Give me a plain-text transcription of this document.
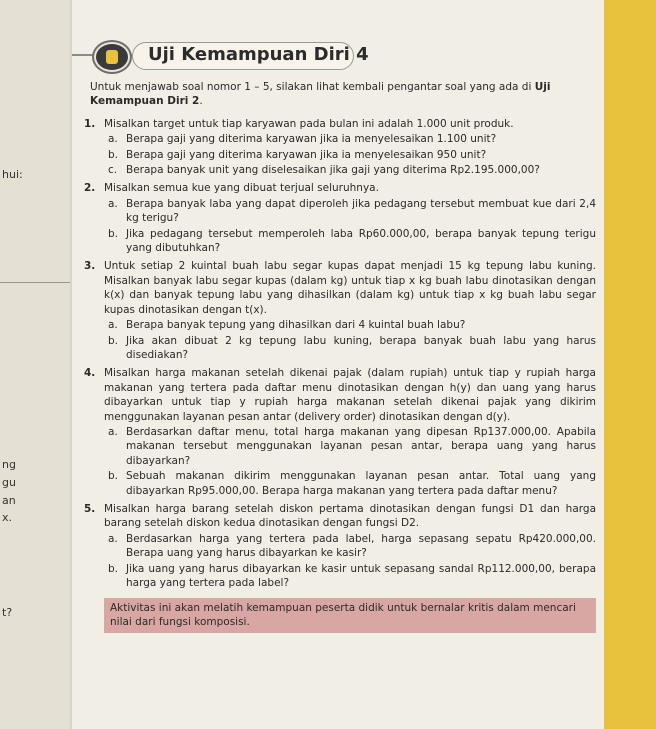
hui:
ng
gu
an
x.
t?
Uji Kemampuan Diri 4
Untuk menjawab soal nomor 1 – 5, silakan lihat kembali pengantar soal yang ada di Uji Kemampuan Diri 2.
1. Misalkan target untuk tiap karyawan pada bulan ini adalah 1.000 unit produk.
a. Berapa gaji yang diterima karyawan jika ia menyelesaikan 1.100 unit?
b. Berapa gaji yang diterima karyawan jika ia menyelesaikan 950 unit?
c. Berapa banyak unit yang diselesaikan jika gaji yang diterima Rp2.195.000,00?
2. Misalkan semua kue yang dibuat terjual seluruhnya.
a. Berapa banyak laba yang dapat diperoleh jika pedagang tersebut membuat kue dari 2,4 kg terigu?
b. Jika pedagang tersebut memperoleh laba Rp60.000,00, berapa banyak tepung terigu yang dibutuhkan?
3. Untuk setiap 2 kuintal buah labu segar kupas dapat menjadi 15 kg tepung labu kuning. Misalkan banyak labu segar kupas (dalam kg) untuk tiap x kg buah labu dinotasikan dengan k(x) dan banyak tepung labu yang dihasilkan (dalam kg) untuk tiap x kg buah labu segar kupas dinotasikan dengan t(x).
a. Berapa banyak tepung yang dihasilkan dari 4 kuintal buah labu?
b. Jika akan dibuat 2 kg tepung labu kuning, berapa banyak buah labu yang harus disediakan?
4. Misalkan harga makanan setelah dikenai pajak (dalam rupiah) untuk tiap y rupiah harga makanan yang tertera pada daftar menu dinotasikan dengan h(y) dan uang yang harus dibayarkan untuk tiap y rupiah harga makanan setelah dikenai pajak yang dikirim menggunakan layanan pesan antar (delivery order) dinotasikan dengan d(y).
a. Berdasarkan daftar menu, total harga makanan yang dipesan Rp137.000,00. Apabila makanan tersebut menggunakan layanan pesan antar, berapa uang yang harus dibayarkan?
b. Sebuah makanan dikirim menggunakan layanan pesan antar. Total uang yang dibayarkan Rp95.000,00. Berapa harga makanan yang tertera pada daftar menu?
5. Misalkan harga barang setelah diskon pertama dinotasikan dengan fungsi D1 dan harga barang setelah diskon kedua dinotasikan dengan fungsi D2.
a. Berdasarkan harga yang tertera pada label, harga sepasang sepatu Rp420.000,00. Berapa uang yang harus dibayarkan ke kasir?
b. Jika uang yang harus dibayarkan ke kasir untuk sepasang sandal Rp112.000,00, berapa harga yang tertera pada label?
Aktivitas ini akan melatih kemampuan peserta didik untuk bernalar kritis dalam mencari nilai dari fungsi komposisi.
